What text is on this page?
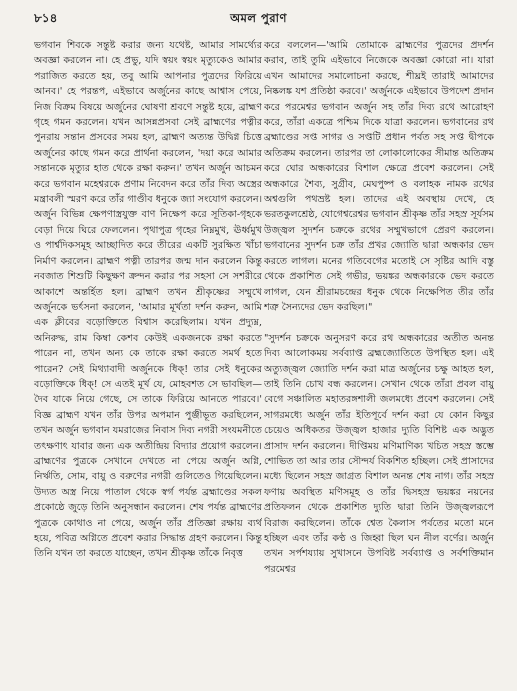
৮১৪	অমল পুরাণ
ভগবান শিবকে সন্তুষ্ট করার জন্য যথেষ্ট, আমার সামর্থ্যের অবজ্ঞা করলেন না। হে প্রভু, যদি স্বয়ং স্বয়ং মৃত্যুকেও আমার পরাজিত করতে হয়, তবু আমি আপনার পুত্রদের ফিরিয়ে আনব।' হে পরন্তপ, এইভাবে অর্জুনের কাছে আশ্বাস পেয়ে, নিজ বিক্রম বিষয়ে অর্জুনের ঘোষণা শ্রবণে সন্তুষ্ট হয়ে, ব্রাহ্মণ গৃহে গমন করলেন। যখন আসন্নপ্রসবা সেই ব্রাহ্মণের পত্নীর পুনরায় সন্তান প্রসবের সময় হল, ব্রাহ্মণ অত্যন্ত উদ্বিগ্ন চিত্তে অর্জুনের কাছে গমন করে প্রার্থনা করলেন, 'দয়া করে আমার সন্তানকে মৃত্যুর হাত থেকে রক্ষা করুন।' তখন অর্জুন আচমন করে ভগবান মহেশ্বরকে প্রণাম নিবেদন করে তাঁর দিব্য অস্ত্রের মন্ত্রাবলী স্মরণ করে তাঁর গাণ্ডীব ধনুকে জ্যা সংযোগ করলেন। অর্জুন বিভিন্ন ক্ষেপণাস্ত্রযুক্ত বাণ নিক্ষেপ করে সূতিকা-গৃহকে বেড়া দিয়ে ঘিরে ফেললেন। পৃথাপুত্র গৃহের নিম্নমুখ, ঊর্ধ্বমুখ ও পার্শ্বদিকসমূহ আচ্ছাদিত করে তীরের একটি সুরক্ষিত খাঁচা নির্মাণ করলেন। ব্রাহ্মণ পত্নী তারপর জন্ম দান করলেন কিন্তু নবজাত শিশুটি কিছুক্ষণ ক্রন্দন করার পর সহসা সে সশরীরে আকাশে অন্তর্হিত হল। ব্রাহ্মণ তখন শ্রীকৃষ্ণের সম্মুখে অর্জুনকে ভর্ৎসনা করলেন, 'আমার মূর্খতা দর্শন করুন, আমি এক ক্লীবের বড়োক্তিতে বিশ্বাস করেছিলাম। যখন প্রদ্যুম্ন, অনিরুদ্ধ, রাম কিম্বা কেশব কেউই একজনকে রক্ষা করতে পারেন না, তখন অন্য কে তাকে রক্ষা করতে সমর্থ হতে পারেন? সেই মিথ্যাবাদী অর্জুনকে ধিক্! তার সেই ধনুকের বড়োক্তিকে ধিক্! সে এতই মূর্খ যে, মোহবশত সে ভাবছিল—দৈব যাকে নিয়ে গেছে, সে তাকে ফিরিয়ে আনতে পারবে।' বিজ্ঞ ব্রাহ্মণ যখন তাঁর উপর অপমান পুঞ্জীভূত করছিলেন, তখন অর্জুন ভগবান যমরাজের নিবাস দিব্য নগরী সংযমনীতে তৎক্ষণাৎ যাবার জন্য এক অতীন্দ্রিয় বিদ্যার প্রয়োগ করলেন। ব্রাহ্মণের পুত্রকে সেখানে দেখতে না পেয়ে অর্জুন অগ্নি, নির্ঋতি, সোম, বায়ু ও বরুণের নগরী গুলিতেও গিয়েছিলেন। উদ্যত অস্ত্র নিয়ে পাতাল থেকে স্বর্গ পর্যন্ত ব্রহ্মাণ্ডের সকল প্রকোষ্ঠে জুড়ে তিনি অনুসন্ধান করলেন। শেষ পর্যন্ত ব্রাহ্মণের পুত্রকে কোথাও না পেয়ে, অর্জুন তাঁর প্রতিজ্ঞা রক্ষায় ব্যর্থ হয়ে, পবিত্র অগ্নিতে প্রবেশ করার সিদ্ধান্ত গ্রহণ করলেন। কিন্তু তিনি যখন তা করতে যাচ্ছেন, তখন শ্রীকৃষ্ণ তাঁকে নিবৃত্ত
করে বললেন—'আমি তোমাকে ব্রাহ্মণের পুত্রদের প্রদর্শন করাব, তাই তুমি এইভাবে নিজেকে অবজ্ঞা কোরো না। যারা এখন আমাদের সমালোচনা করছে, শীঘ্রই তারাই আমাদের নিষ্কলঙ্ক যশ প্রতিষ্ঠা করবে।' অর্জুনকে এইভাবে উপদেশ প্রদান করে পরমেশ্বর ভগবান অর্জুন সহ তাঁর দিব্য রথে আরোহণ করে, তাঁরা একত্রে পশ্চিম দিকে যাত্রা করলেন। ভগবানের রথ ব্রহ্মাণ্ডের সপ্ত সাগর ও সপ্তটি প্রধান পর্বত সহ সপ্ত দ্বীপকে অতিক্রম করলেন। তারপর তা লোকালোকের সীমান্ত অতিক্রম করে ঘোর অন্ধকারের বিশাল ক্ষেত্রে প্রবেশ করলেন। সেই অন্ধকারে শৈব্য, সুগ্রীব, মেঘপুষ্প ও বলাহক নামক রথের অশ্বগুলি পথভ্রষ্ট হল। তাদের এই অবস্থায় দেখে, হে ভরতকুলশ্রেষ্ঠ, যোগেশ্বরেশ্বর ভগবান শ্রীকৃষ্ণ তাঁর সহস্র সূর্যসম উজ্জ্বল সুদর্শন চক্রকে রথের সম্মুখভাগে প্রেরণ করলেন। ভগবানের সুদর্শন চক্র তাঁর প্রখর জ্যোতি দ্বারা অন্ধকার ভেদ করতে লাগল। মনের গতিবেগের মতোই সে সৃষ্টির আদি বস্তু থেকে প্রকাশিত সেই গভীর, ভয়ঙ্কর অন্ধকারকে ভেদ করতে লাগল, যেন শ্রীরামচন্দ্রের ধনুক থেকে নিক্ষেপিত তীর তাঁর শত্রু সৈন্যদের ভেদ করছিল।"

"সুদর্শন চক্রকে অনুসরণ করে রথ অন্ধকারের অতীত অনন্ত দিব্য আলোকময় সর্বব্যাপ্ত ব্রহ্মজ্যোতিতে উপস্থিত হল। এই অত্যুজ্জ্বল জ্যোতি দর্শন করা মাত্র অর্জুনের চক্ষু আহত হল, তাই তিনি চোখ বন্ধ করলেন। সেখান থেকে তাঁরা প্রবল বায়ু বেগে সঞ্চালিত মহাতরঙ্গশালী জলমধ্যে প্রবেশ করলেন। সেই সাগরমধ্যে অর্জুন তাঁর ইতিপূর্বে দর্শন করা যে কোন কিছুর চেয়েও অধিকতর উজ্জ্বল হাজার দ্যুতি বিশিষ্ট এক অদ্ভুত প্রাসাদ দর্শন করলেন। দীপ্তিময় মণিমাণিক্য খচিত সহস্র স্তম্ভে শোভিত তা আর তার সৌন্দর্য বিকশিত হচ্ছিল। সেই প্রাসাদের মধ্যে ছিলেন সহস্র জাগ্রত বিশাল অনন্ত শেষ নাগ। তাঁর সহস্র ফণায় অবস্থিত মণিসমূহ ও তাঁর দ্বিসহস্র ভয়ঙ্কর নয়নের প্রতিফলন থেকে প্রকাশিত দ্যুতি দ্বারা তিনি উজ্জ্বলরূপে বিরাজ করছিলেন। তাঁকে শ্বেত কৈলাস পর্বতের মতো মনে হচ্ছিল এবং তাঁর কণ্ঠ ও জিহ্বা ছিল ঘন নীল বর্ণের। অর্জুন তখন সর্পশয্যায় সুখাসনে উপবিষ্ট সর্বব্যাপ্ত ও সর্বশক্তিমান পরমেশ্বর
